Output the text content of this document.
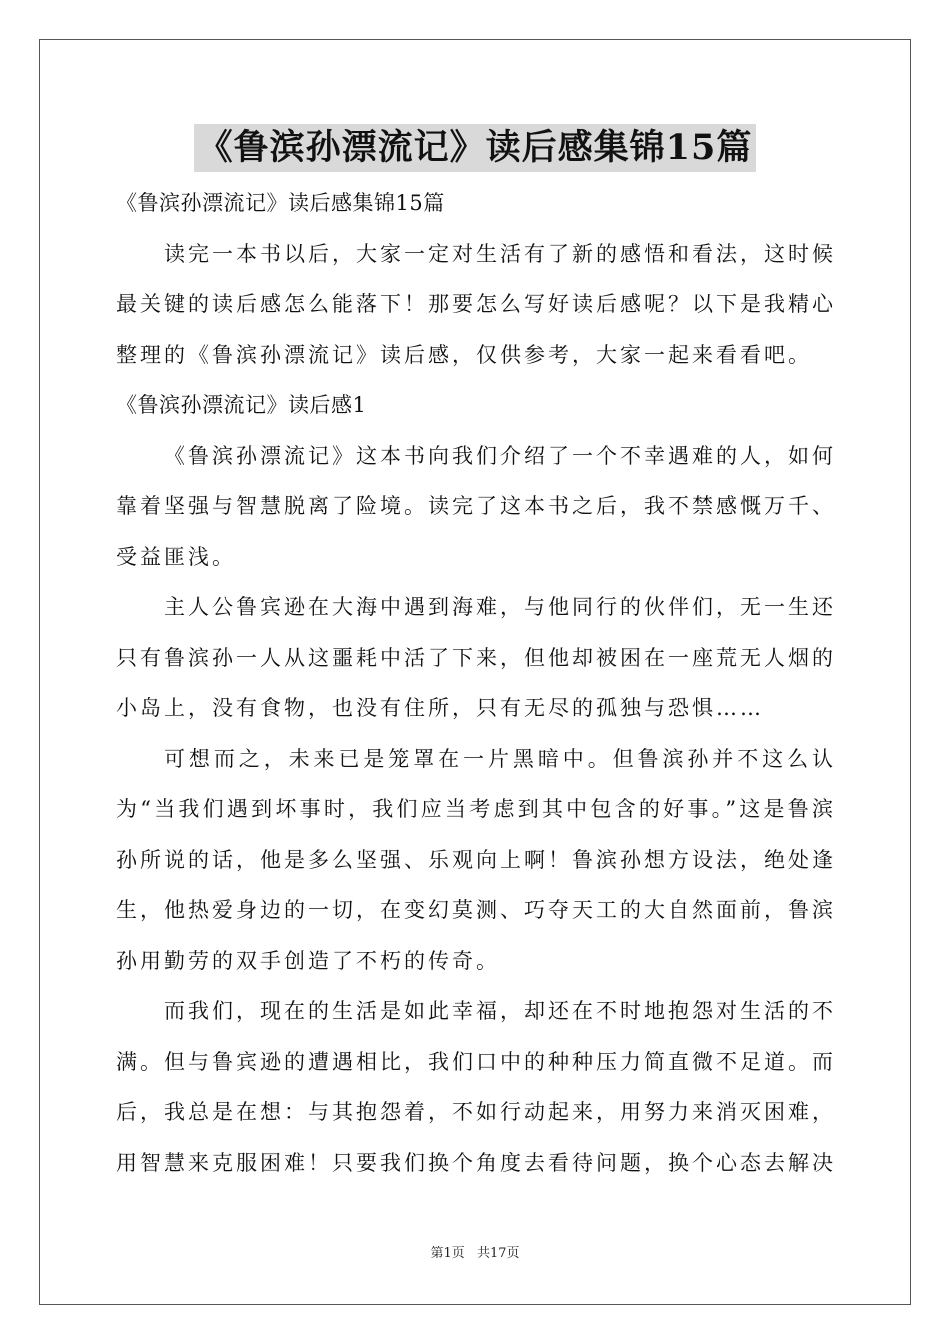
《鲁滨孙漂流记》读后感集锦15篇

《鲁滨孙漂流记》读后感集锦15篇

读完一本书以后，大家一定对生活有了新的感悟和看法，这时候最关键的读后感怎么能落下！那要怎么写好读后感呢？以下是我精心整理的《鲁滨孙漂流记》读后感，仅供参考，大家一起来看看吧。

《鲁滨孙漂流记》读后感1

《鲁滨孙漂流记》这本书向我们介绍了一个不幸遇难的人，如何靠着坚强与智慧脱离了险境。读完了这本书之后，我不禁感慨万千、受益匪浅。

主人公鲁宾逊在大海中遇到海难，与他同行的伙伴们，无一生还只有鲁滨孙一人从这噩耗中活了下来，但他却被困在一座荒无人烟的小岛上，没有食物，也没有住所，只有无尽的孤独与恐惧……

可想而之，未来已是笼罩在一片黑暗中。但鲁滨孙并不这么认为“当我们遇到坏事时，我们应当考虑到其中包含的好事。”这是鲁滨孙所说的话，他是多么坚强、乐观向上啊！鲁滨孙想方设法，绝处逢生，他热爱身边的一切，在变幻莫测、巧夺天工的大自然面前，鲁滨孙用勤劳的双手创造了不朽的传奇。

而我们，现在的生活是如此幸福，却还在不时地抱怨对生活的不满。但与鲁宾逊的遭遇相比，我们口中的种种压力简直微不足道。而后，我总是在想：与其抱怨着，不如行动起来，用努力来消灭困难，用智慧来克服困难！只要我们换个角度去看待问题，换个心态去解决

第1页 共17页
